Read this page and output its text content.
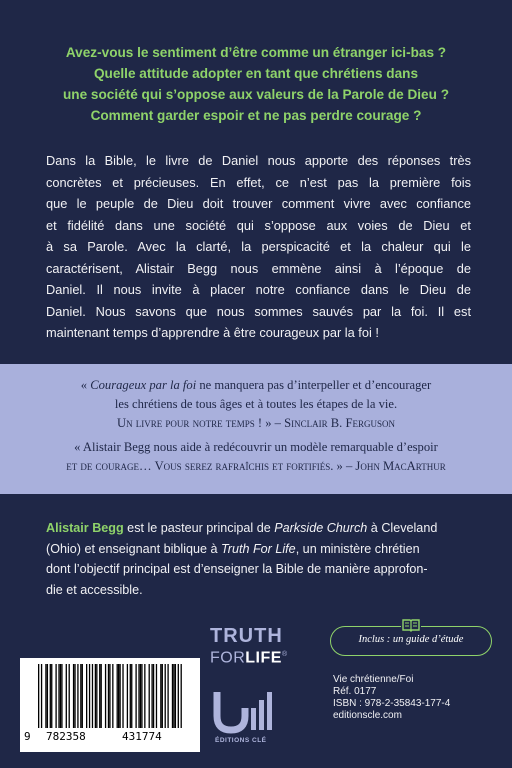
Avez-vous le sentiment d’être comme un étranger ici-bas ?
Quelle attitude adopter en tant que chrétiens dans
une société qui s’oppose aux valeurs de la Parole de Dieu ?
Comment garder espoir et ne pas perdre courage ?
Dans la Bible, le livre de Daniel nous apporte des réponses très
concrètes et précieuses. En effet, ce n’est pas la première fois
que le peuple de Dieu doit trouver comment vivre avec confiance
et fidélité dans une société qui s’oppose aux voies de Dieu et
à sa Parole. Avec la clarté, la perspicacité et la chaleur qui le
caractérisent, Alistair Begg nous emmène ainsi à l’époque de
Daniel. Il nous invite à placer notre confiance dans le Dieu de
Daniel. Nous savons que nous sommes sauvés par la foi. Il est
maintenant temps d’apprendre à être courageux par la foi !
« Courageux par la foi ne manquera pas d’interpeller et d’encourager
les chrétiens de tous âges et à toutes les étapes de la vie.
Un livre pour notre temps ! » – Sinclair B. Ferguson
« Alistair Begg nous aide à redécouvrir un modèle remarquable d’espoir
et de courage… Vous serez rafraîchis et fortifiés. » – John MacArthur
Alistair Begg est le pasteur principal de Parkside Church à Cleveland
(Ohio) et enseignant biblique à Truth For Life, un ministère chrétien
dont l’objectif principal est d’enseigner la Bible de manière approfon-
die et accessible.
TRUTH
FORLIFE®
ÉDITIONS CLÉ
Inclus : un guide d’étude
9 782358	431774
Vie chrétienne/Foi
Réf. 0177
ISBN : 978-2-35843-177-4
editionscle.com
